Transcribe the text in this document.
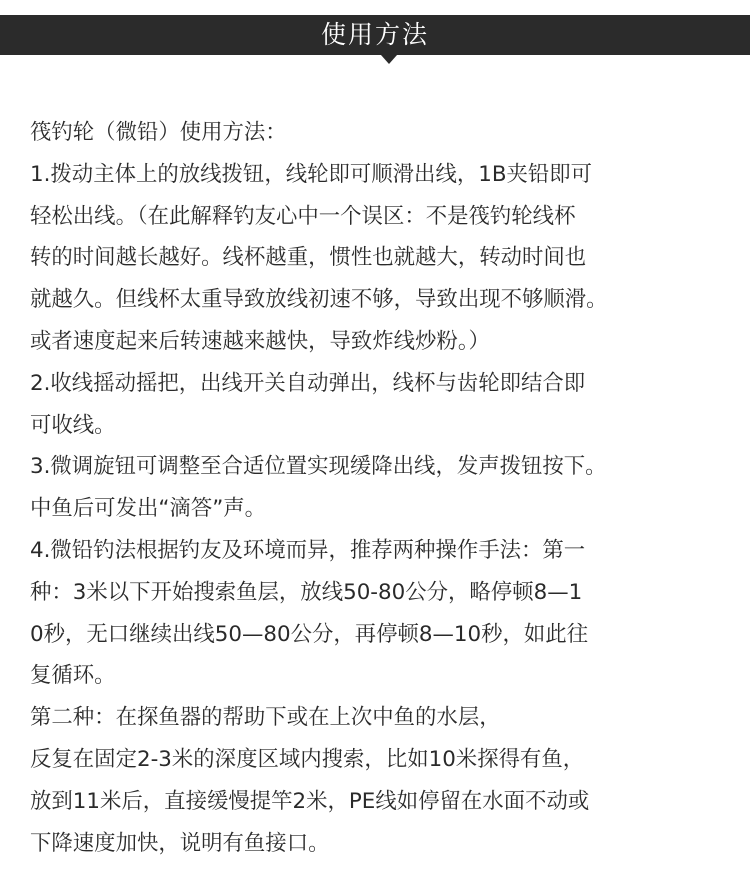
使用方法
筏钓轮（微铅）使用方法：
1.拨动主体上的放线拨钮，线轮即可顺滑出线，1B夹铅即可
轻松出线。（在此解释钓友心中一个误区：不是筏钓轮线杯
转的时间越长越好。线杯越重，惯性也就越大，转动时间也
就越久。但线杯太重导致放线初速不够，导致出现不够顺滑。
或者速度起来后转速越来越快，导致炸线炒粉。）
2.收线摇动摇把，出线开关自动弹出，线杯与齿轮即结合即
可收线。
3.微调旋钮可调整至合适位置实现缓降出线，发声拨钮按下。
中鱼后可发出“滴答”声。
4.微铅钓法根据钓友及环境而异，推荐两种操作手法：第一
种：3米以下开始搜索鱼层，放线50-80公分，略停顿8—1
0秒，无口继续出线50—80公分，再停顿8—10秒，如此往
复循环。
第二种：在探鱼器的帮助下或在上次中鱼的水层，
反复在固定2-3米的深度区域内搜索，比如10米探得有鱼，
放到11米后，直接缓慢提竿2米，PE线如停留在水面不动或
下降速度加快，说明有鱼接口。
